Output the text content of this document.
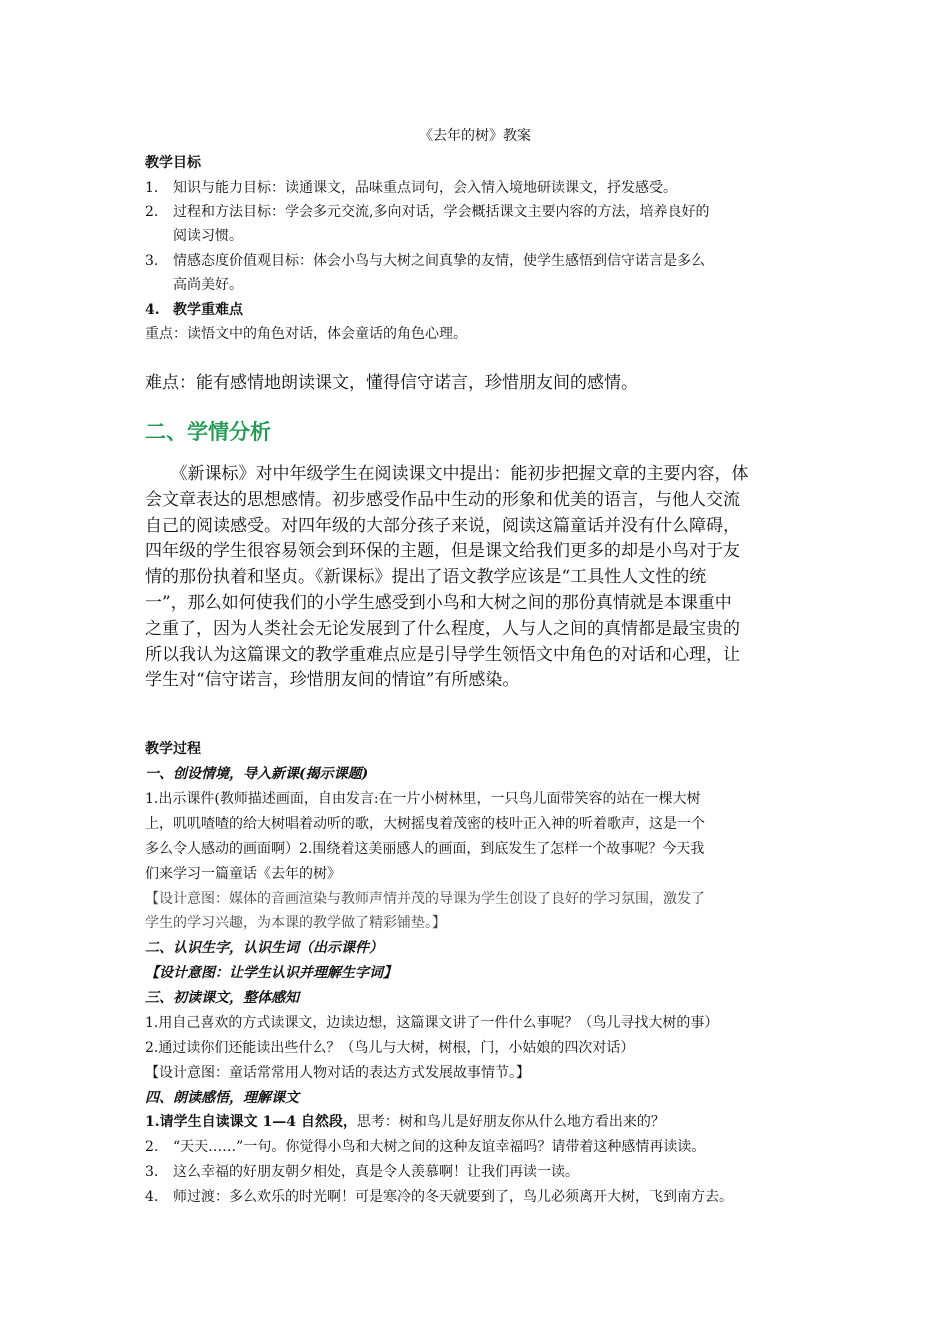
《去年的树》教案
教学目标
1. 知识与能力目标：读通课文，品味重点词句，会入情入境地研读课文，抒发感受。
2. 过程和方法目标：学会多元交流,多向对话，学会概括课文主要内容的方法，培养良好的
阅读习惯。
3. 情感态度价值观目标：体会小鸟与大树之间真挚的友情，使学生感悟到信守诺言是多么
高尚美好。
4. 教学重难点
重点：读悟文中的角色对话，体会童话的角色心理。
难点：能有感情地朗读课文，懂得信守诺言，珍惜朋友间的感情。
二、学情分析
　　《新课标》对中年级学生在阅读课文中提出：能初步把握文章的主要内容，体
会文章表达的思想感情。初步感受作品中生动的形象和优美的语言，与他人交流
自己的阅读感受。对四年级的大部分孩子来说，阅读这篇童话并没有什么障碍，
四年级的学生很容易领会到环保的主题，但是课文给我们更多的却是小鸟对于友
情的那份执着和坚贞。《新课标》提出了语文教学应该是“工具性人文性的统
一”，那么如何使我们的小学生感受到小鸟和大树之间的那份真情就是本课重中
之重了，因为人类社会无论发展到了什么程度，人与人之间的真情都是最宝贵的
所以我认为这篇课文的教学重难点应是引导学生领悟文中角色的对话和心理，让
学生对“信守诺言，珍惜朋友间的情谊”有所感染。
教学过程
一、创设情境，导入新课(揭示课题)
1.出示课件(教师描述画面，自由发言:在一片小树林里，一只鸟儿面带笑容的站在一棵大树
上，叽叽喳喳的给大树唱着动听的歌，大树摇曳着茂密的枝叶正入神的听着歌声，这是一个
多么令人感动的画面啊）2.围绕着这美丽感人的画面，到底发生了怎样一个故事呢？今天我
们来学习一篇童话《去年的树》
【设计意图：媒体的音画渲染与教师声情并茂的导课为学生创设了良好的学习氛围，激发了
学生的学习兴趣，为本课的教学做了精彩铺垫。】
二、认识生字，认识生词（出示课件）
【设计意图：让学生认识并理解生字词】
三、初读课文，整体感知
1.用自己喜欢的方式读课文，边读边想，这篇课文讲了一件什么事呢？（鸟儿寻找大树的事）
2.通过读你们还能读出些什么？（鸟儿与大树，树根，门，小姑娘的四次对话）
【设计意图：童话常常用人物对话的表达方式发展故事情节。】
四、朗读感悟，理解课文
1.请学生自读课文 1—4 自然段，思考：树和鸟儿是好朋友你从什么地方看出来的？
2. “天天……”一句。你觉得小鸟和大树之间的这种友谊幸福吗？请带着这种感情再读读。
3. 这么幸福的好朋友朝夕相处，真是令人羡慕啊！让我们再读一读。
4. 师过渡：多么欢乐的时光啊！可是寒冷的冬天就要到了，鸟儿必须离开大树，飞到南方去。
